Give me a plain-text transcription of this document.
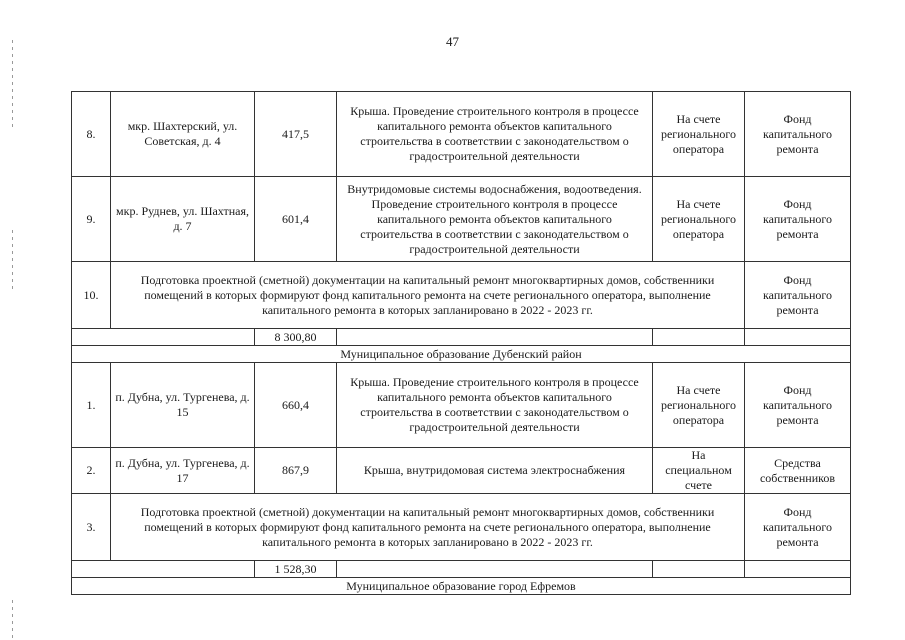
47
8.	мкр. Шахтерский, ул. Советская, д. 4	417,5	Крыша. Проведение строительного контроля в процессе капитального ремонта объектов капитального строительства в соответствии с законодательством о градостроительной деятельности	На счете регионального оператора	Фонд капитального ремонта
9.	мкр. Руднев, ул. Шахтная, д. 7	601,4	Внутридомовые системы водоснабжения, водоотведения. Проведение строительного контроля в процессе капитального ремонта объектов капитального строительства в соответствии с законодательством о градостроительной деятельности	На счете регионального оператора	Фонд капитального ремонта
10.	Подготовка проектной (сметной) документации на капитальный ремонт многоквартирных домов, собственники помещений в которых формируют фонд капитального ремонта на счете регионального оператора, выполнение капитального ремонта в которых запланировано в 2022 - 2023 гг.				Фонд капитального ремонта
		8 300,80			
Муниципальное образование Дубенский район					
1.	п. Дубна, ул. Тургенева, д. 15	660,4	Крыша. Проведение строительного контроля в процессе капитального ремонта объектов капитального строительства в соответствии с законодательством о градостроительной деятельности	На счете регионального оператора	Фонд капитального ремонта
2.	п. Дубна, ул. Тургенева, д. 17	867,9	Крыша, внутридомовая система электроснабжения	На специальном счете	Средства собственников
3.	Подготовка проектной (сметной) документации на капитальный ремонт многоквартирных домов, собственники помещений в которых формируют фонд капитального ремонта на счете регионального оператора, выполнение капитального ремонта в которых запланировано в 2022 - 2023 гг.				Фонд капитального ремонта
		1 528,30			
Муниципальное образование город Ефремов					
